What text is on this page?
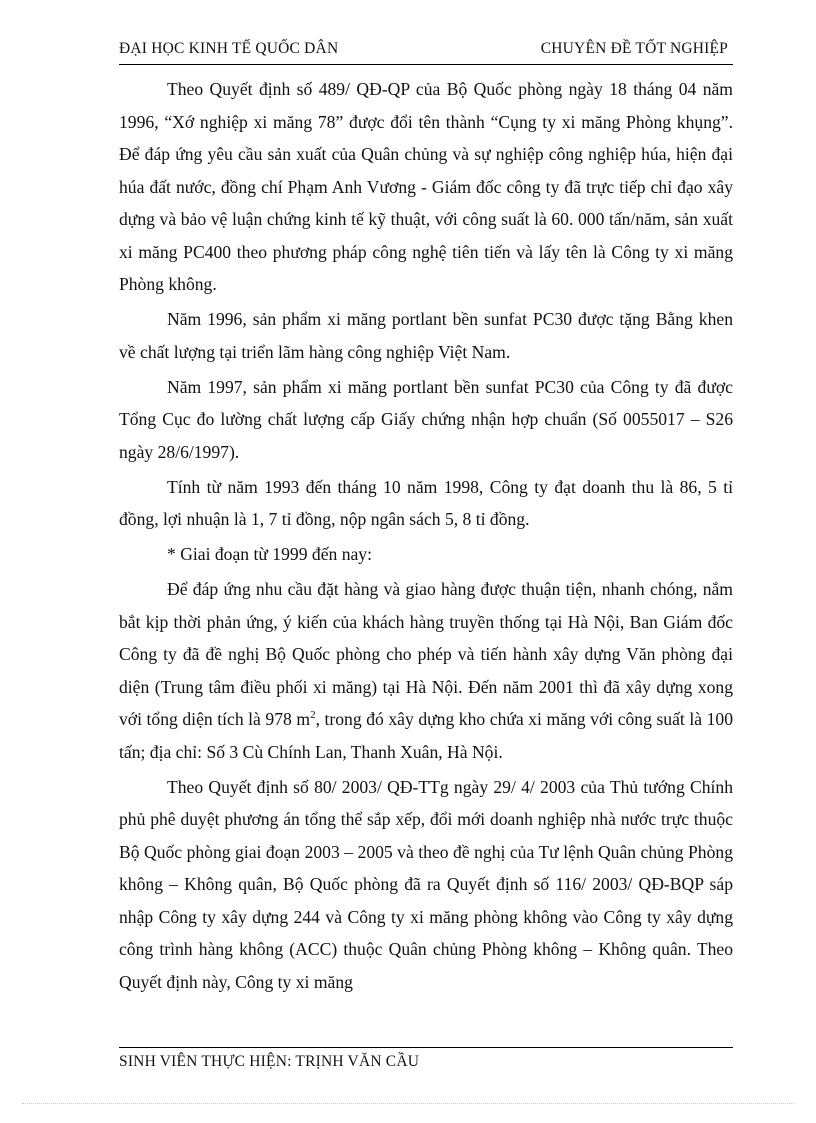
ĐẠI HỌC KINH TẾ QUỐC DÂN	CHUYÊN ĐỀ TỐT NGHIỆP

Theo Quyết định số 489/ QĐ-QP của Bộ Quốc phòng ngày 18 tháng 04 năm 1996, “Xớ nghiệp xi măng 78” được đổi tên thành “Cụng ty xi măng Phòng khụng”. Để đáp ứng yêu cầu sản xuất của Quân chủng và sự nghiệp công nghiệp húa, hiện đại húa đất nước, đồng chí Phạm Anh Vương - Giám đốc công ty đã trực tiếp chỉ đạo xây dựng và bảo vệ luận chứng kinh tế kỹ thuật, với công suất là 60. 000 tấn/năm, sản xuất xi măng PC400 theo phương pháp công nghệ tiên tiến và lấy tên là Công ty xi măng Phòng không.

Năm 1996, sản phẩm xi măng portlant bền sunfat PC30 được tặng Bằng khen về chất lượng tại triển lãm hàng công nghiệp Việt Nam.

Năm 1997, sản phẩm xi măng portlant bền sunfat PC30 của Công ty đã được Tổng Cục đo lường chất lượng cấp Giấy chứng nhận hợp chuẩn (Số 0055017 – S26 ngày 28/6/1997).

Tính từ năm 1993 đến tháng 10 năm 1998, Công ty đạt doanh thu là 86, 5 tỉ đồng, lợi nhuận là 1, 7 tỉ đồng, nộp ngân sách 5, 8 tỉ đồng.

* Giai đoạn từ 1999 đến nay:

Để đáp ứng nhu cầu đặt hàng và giao hàng được thuận tiện, nhanh chóng, nắm bắt kịp thời phản ứng, ý kiến của khách hàng truyền thống tại Hà Nội, Ban Giám đốc Công ty đã đề nghị Bộ Quốc phòng cho phép và tiến hành xây dựng Văn phòng đại diện (Trung tâm điều phối xi măng) tại Hà Nội. Đến năm 2001 thì đã xây dựng xong với tổng diện tích là 978 $m^2$, trong đó xây dựng kho chứa xi măng với công suất là 100 tấn; địa chỉ: Số 3 Cù Chính Lan, Thanh Xuân, Hà Nội.

Theo Quyết định số 80/ 2003/ QĐ-TTg ngày 29/ 4/ 2003 của Thủ tướng Chính phủ phê duyệt phương án tổng thể sắp xếp, đổi mới doanh nghiệp nhà nước trực thuộc Bộ Quốc phòng giai đoạn 2003 – 2005 và theo đề nghị của Tư lệnh Quân chủng Phòng không – Không quân, Bộ Quốc phòng đã ra Quyết định số 116/ 2003/ QĐ-BQP sáp nhập Công ty xây dựng 244 và Công ty xi măng phòng không vào Công ty xây dựng công trình hàng không (ACC) thuộc Quân chủng Phòng không – Không quân. Theo Quyết định này, Công ty xi măng

SINH VIÊN THỰC HIỆN: TRỊNH VĂN CẦU
